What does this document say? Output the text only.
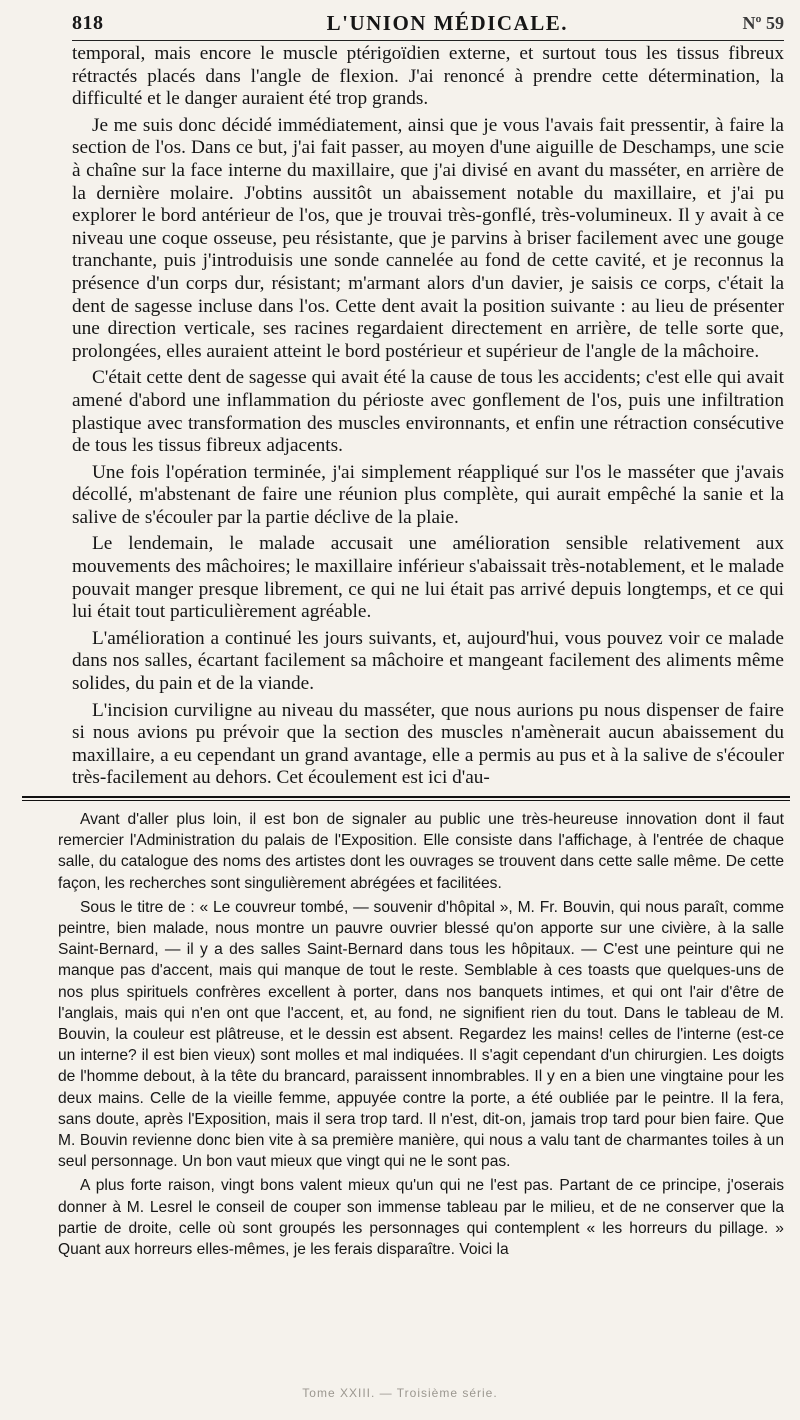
818	L'UNION MÉDICALE.	Nº 59

temporal, mais encore le muscle ptérigoïdien externe, et surtout tous les tissus fibreux rétractés placés dans l'angle de flexion. J'ai renoncé à prendre cette détermination, la difficulté et le danger auraient été trop grands.

Je me suis donc décidé immédiatement, ainsi que je vous l'avais fait pressentir, à faire la section de l'os. Dans ce but, j'ai fait passer, au moyen d'une aiguille de Deschamps, une scie à chaîne sur la face interne du maxillaire, que j'ai divisé en avant du masséter, en arrière de la dernière molaire. J'obtins aussitôt un abaissement notable du maxillaire, et j'ai pu explorer le bord antérieur de l'os, que je trouvai très-gonflé, très-volumineux. Il y avait à ce niveau une coque osseuse, peu résistante, que je parvins à briser facilement avec une gouge tranchante, puis j'introduisis une sonde cannelée au fond de cette cavité, et je reconnus la présence d'un corps dur, résistant; m'armant alors d'un davier, je saisis ce corps, c'était la dent de sagesse incluse dans l'os. Cette dent avait la position suivante : au lieu de présenter une direction verticale, ses racines regardaient directement en arrière, de telle sorte que, prolongées, elles auraient atteint le bord postérieur et supérieur de l'angle de la mâchoire.

C'était cette dent de sagesse qui avait été la cause de tous les accidents; c'est elle qui avait amené d'abord une inflammation du périoste avec gonflement de l'os, puis une infiltration plastique avec transformation des muscles environnants, et enfin une rétraction consécutive de tous les tissus fibreux adjacents.

Une fois l'opération terminée, j'ai simplement réappliqué sur l'os le masséter que j'avais décollé, m'abstenant de faire une réunion plus complète, qui aurait empêché la sanie et la salive de s'écouler par la partie déclive de la plaie.

Le lendemain, le malade accusait une amélioration sensible relativement aux mouvements des mâchoires; le maxillaire inférieur s'abaissait très-notablement, et le malade pouvait manger presque librement, ce qui ne lui était pas arrivé depuis longtemps, et ce qui lui était tout particulièrement agréable.

L'amélioration a continué les jours suivants, et, aujourd'hui, vous pouvez voir ce malade dans nos salles, écartant facilement sa mâchoire et mangeant facilement des aliments même solides, du pain et de la viande.

L'incision curviligne au niveau du masséter, que nous aurions pu nous dispenser de faire si nous avions pu prévoir que la section des muscles n'amènerait aucun abaissement du maxillaire, a eu cependant un grand avantage, elle a permis au pus et à la salive de s'écouler très-facilement au dehors. Cet écoulement est ici d'au-

Avant d'aller plus loin, il est bon de signaler au public une très-heureuse innovation dont il faut remercier l'Administration du palais de l'Exposition. Elle consiste dans l'affichage, à l'entrée de chaque salle, du catalogue des noms des artistes dont les ouvrages se trouvent dans cette salle même. De cette façon, les recherches sont singulièrement abrégées et facilitées.

Sous le titre de : « Le couvreur tombé, — souvenir d'hôpital », M. Fr. Bouvin, qui nous paraît, comme peintre, bien malade, nous montre un pauvre ouvrier blessé qu'on apporte sur une civière, à la salle Saint-Bernard, — il y a des salles Saint-Bernard dans tous les hôpitaux. — C'est une peinture qui ne manque pas d'accent, mais qui manque de tout le reste. Semblable à ces toasts que quelques-uns de nos plus spirituels confrères excellent à porter, dans nos banquets intimes, et qui ont l'air d'être de l'anglais, mais qui n'en ont que l'accent, et, au fond, ne signifient rien du tout. Dans le tableau de M. Bouvin, la couleur est plâtreuse, et le dessin est absent. Regardez les mains! celles de l'interne (est-ce un interne? il est bien vieux) sont molles et mal indiquées. Il s'agit cependant d'un chirurgien. Les doigts de l'homme debout, à la tête du brancard, paraissent innombrables. Il y en a bien une vingtaine pour les deux mains. Celle de la vieille femme, appuyée contre la porte, a été oubliée par le peintre. Il la fera, sans doute, après l'Exposition, mais il sera trop tard. Il n'est, dit-on, jamais trop tard pour bien faire. Que M. Bouvin revienne donc bien vite à sa première manière, qui nous a valu tant de charmantes toiles à un seul personnage. Un bon vaut mieux que vingt qui ne le sont pas.

A plus forte raison, vingt bons valent mieux qu'un qui ne l'est pas. Partant de ce principe, j'oserais donner à M. Lesrel le conseil de couper son immense tableau par le milieu, et de ne conserver que la partie de droite, celle où sont groupés les personnages qui contemplent « les horreurs du pillage. » Quant aux horreurs elles-mêmes, je les ferais disparaître. Voici la

Tome XXIII. — Troisième série.
